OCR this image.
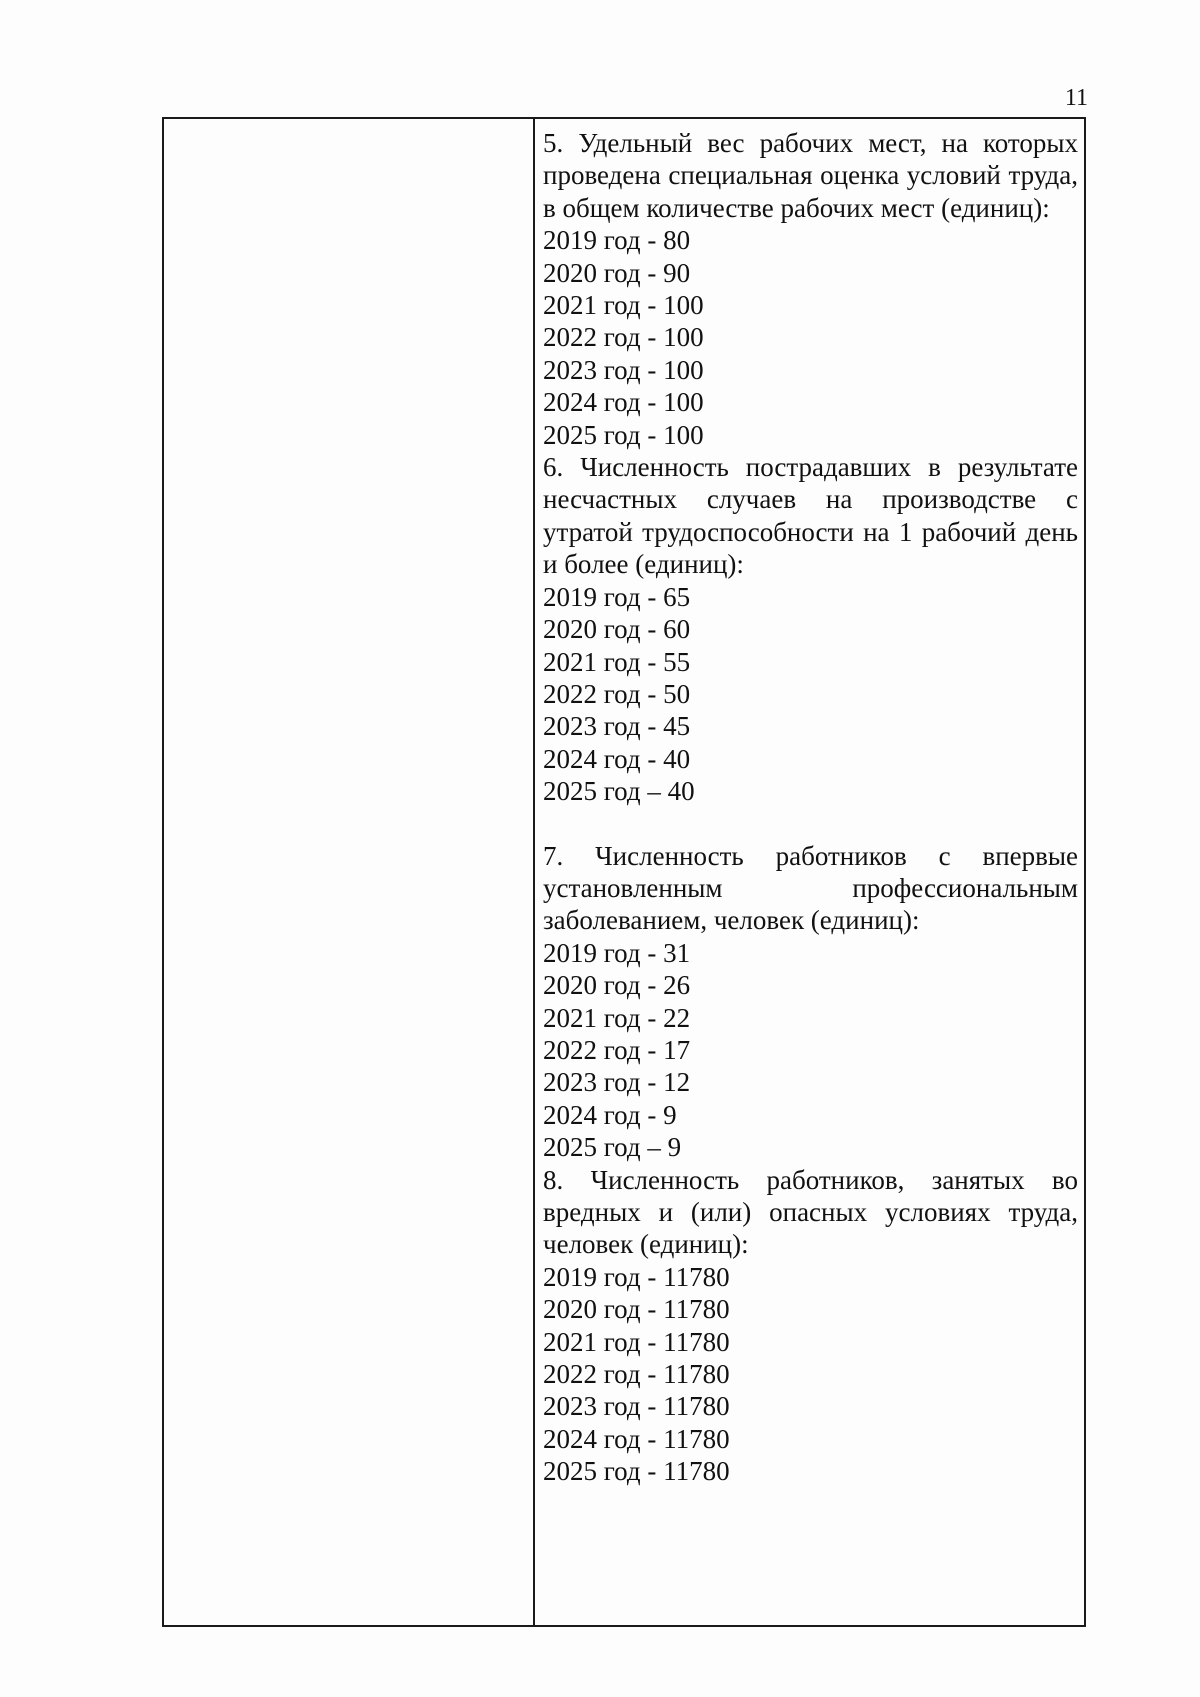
11

5. Удельный вес рабочих мест, на которых проведена специальная оценка условий труда, в общем количестве рабочих мест (единиц):

2019 год - 80
2020 год - 90
2021 год - 100
2022 год - 100
2023 год - 100
2024 год - 100
2025 год - 100

6. Численность пострадавших в результате несчастных случаев на производстве с утратой трудоспособности на 1 рабочий день и более (единиц):

2019 год - 65
2020 год - 60
2021 год - 55
2022 год - 50
2023 год - 45
2024 год - 40
2025 год – 40

7. Численность работников с впервые установленным профессиональным заболеванием, человек (единиц):

2019 год - 31
2020 год - 26
2021 год - 22
2022 год - 17
2023 год - 12
2024 год - 9
2025 год – 9

8. Численность работников, занятых во вредных и (или) опасных условиях труда, человек (единиц):

2019 год - 11780
2020 год - 11780
2021 год - 11780
2022 год - 11780
2023 год - 11780
2024 год - 11780
2025 год - 11780
